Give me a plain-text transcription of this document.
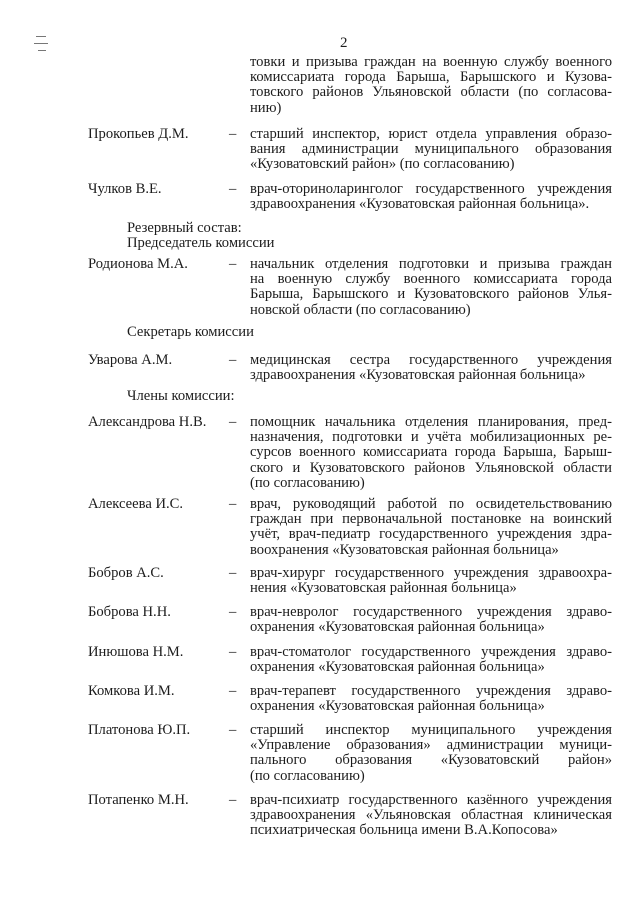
2
товки и призыва граждан на военную службу военного
комиссариата города Барыша, Барышского и Кузова-
товского районов Ульяновской области (по согласова-
нию)
Прокопьев Д.М.	– старший инспектор, юрист отдела управления образо-
вания администрации муниципального образования
«Кузоватовский район» (по согласованию)
Чулков В.Е.	– врач-оториноларинголог государственного учреждения
здравоохранения «Кузоватовская районная больница».
Резервный состав:
Председатель комиссии
Родионова М.А.	– начальник отделения подготовки и призыва граждан
на военную службу военного комиссариата города
Барыша, Барышского и Кузоватовского районов Улья-
новской области (по согласованию)
Секретарь комиссии
Уварова А.М.	– медицинская сестра государственного учреждения
здравоохранения «Кузоватовская районная больница»
Члены комиссии:
Александрова Н.В. – помощник начальника отделения планирования, пред-
назначения, подготовки и учёта мобилизационных ре-
сурсов военного комиссариата города Барыша, Барыш-
ского и Кузоватовского районов Ульяновской области
(по согласованию)
Алексеева И.С.	– врач, руководящий работой по освидетельствованию
граждан при первоначальной постановке на воинский
учёт, врач-педиатр государственного учреждения здра-
воохранения «Кузоватовская районная больница»
Бобров А.С.	– врач-хирург государственного учреждения здравоохра-
нения «Кузоватовская районная больница»
Боброва Н.Н.	– врач-невролог государственного учреждения здраво-
охранения «Кузоватовская районная больница»
Инюшова Н.М.	– врач-стоматолог государственного учреждения здраво-
охранения «Кузоватовская районная больница»
Комкова И.М.	– врач-терапевт государственного учреждения здраво-
охранения «Кузоватовская районная больница»
Платонова Ю.П.	– старший инспектор муниципального учреждения
«Управление образования» администрации муници-
пального образования «Кузоватовский район»
(по согласованию)
Потапенко М.Н.	– врач-психиатр государственного казённого учреждения
здравоохранения «Ульяновская областная клиническая
психиатрическая больница имени В.А.Копосова»
